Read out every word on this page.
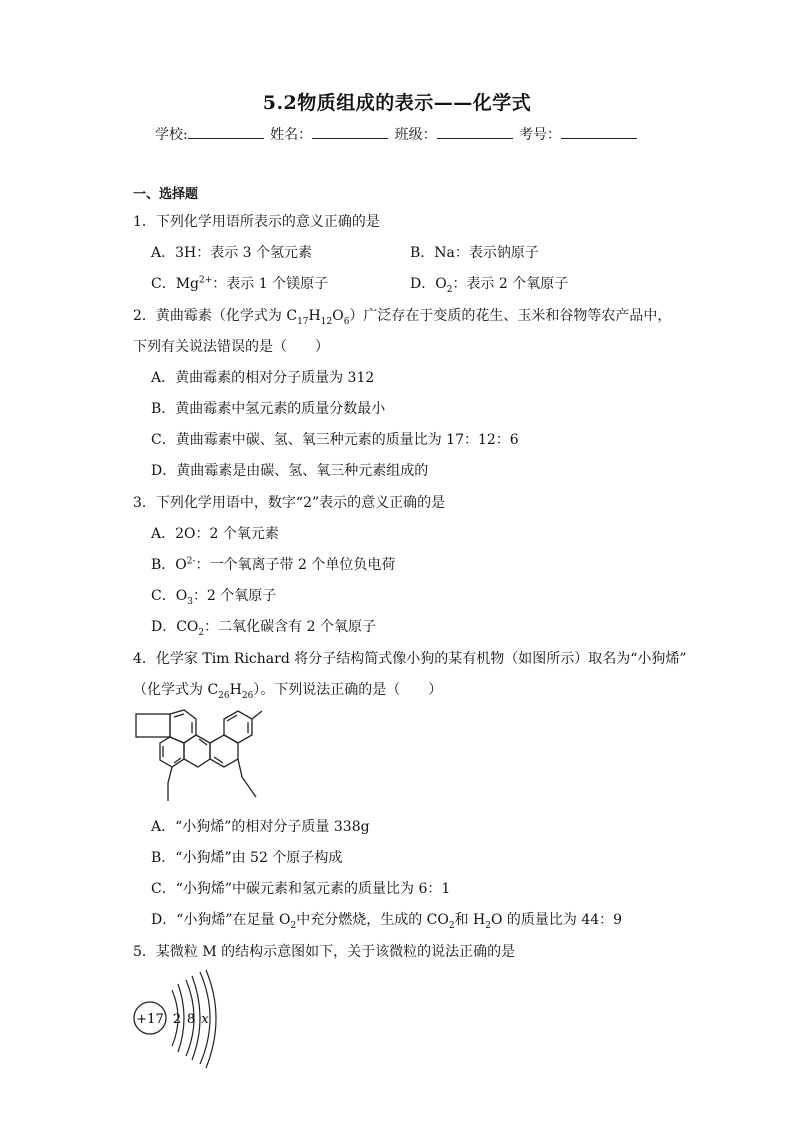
5.2物质组成的表示——化学式
学校:	姓名：	班级：	考号：
一、选择题
1．下列化学用语所表示的意义正确的是
A．3H：表示 3 个氢元素	B．Na：表示钠原子
C．$Mg^{2+}$：表示 1 个镁原子	D．$O_2$：表示 2 个氧原子
2．黄曲霉素（化学式为 $C_{17}H_{12}O_6$）广泛存在于变质的花生、玉米和谷物等农产品中，
下列有关说法错误的是（　　）
A．黄曲霉素的相对分子质量为 312
B．黄曲霉素中氢元素的质量分数最小
C．黄曲霉素中碳、氢、氧三种元素的质量比为 17：12：6
D．黄曲霉素是由碳、氢、氧三种元素组成的
3．下列化学用语中，数字“2”表示的意义正确的是
A．2O：2 个氧元素
B．$O^{2-}$：一个氧离子带 2 个单位负电荷
C．$O_3$：2 个氧原子
D．$CO_2$：二氧化碳含有 2 个氧原子
4．化学家 Tim Richard 将分子结构简式像小狗的某有机物（如图所示）取名为“小狗烯”
（化学式为 $C_{26}H_{26}$）。下列说法正确的是（　　）
A．“小狗烯”的相对分子质量 338g
B．“小狗烯”由 52 个原子构成
C．“小狗烯”中碳元素和氢元素的质量比为 6：1
D．“小狗烯”在足量 $O_2$中充分燃烧，生成的 $CO_2$和 $H_2O$ 的质量比为 44：9
5．某微粒 M 的结构示意图如下，关于该微粒的说法正确的是
+17 2 8 x
